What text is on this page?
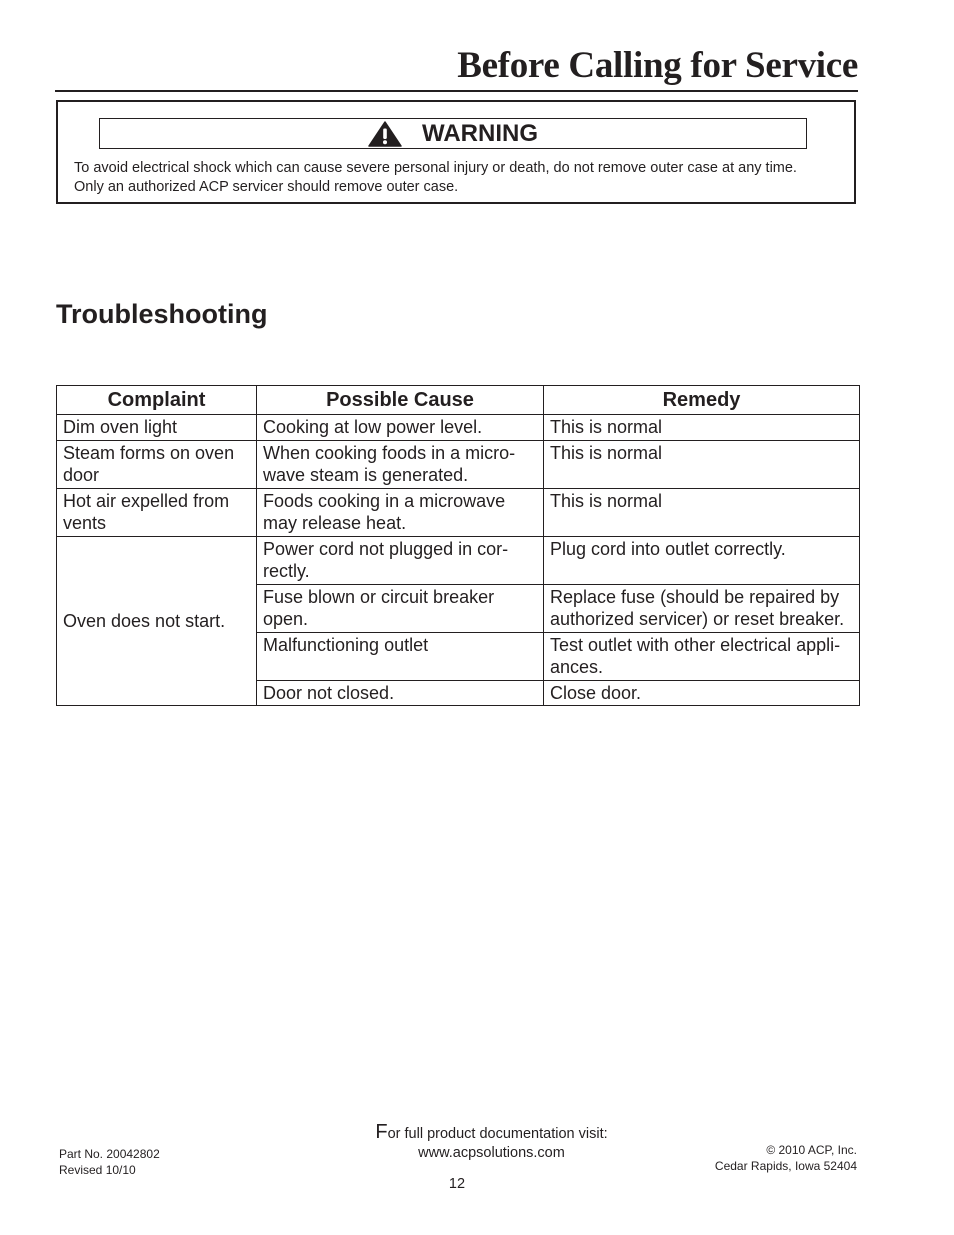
Before Calling for Service
WARNING
To avoid electrical shock which can cause severe personal injury or death, do not remove outer case at any time.
Only an authorized ACP servicer should remove outer case.
Troubleshooting
Complaint	Possible Cause	Remedy
Dim oven light	Cooking at low power level.	This is normal
Steam forms on oven door	When cooking foods in a micro-wave steam is generated.	This is normal
Hot air expelled from vents	Foods cooking in a microwave may release heat.	This is normal
Oven does not start.	Power cord not plugged in cor-rectly.	Plug cord into outlet correctly.
	Fuse blown or circuit breaker open.	Replace fuse (should be repaired by authorized servicer) or reset breaker.
	Malfunctioning outlet	Test outlet with other electrical appli-ances.
	Door not closed.	Close door.
Part No. 20042802
Revised 10/10
For full product documentation visit:
www.acpsolutions.com
12
© 2010 ACP, Inc.
Cedar Rapids, Iowa 52404
